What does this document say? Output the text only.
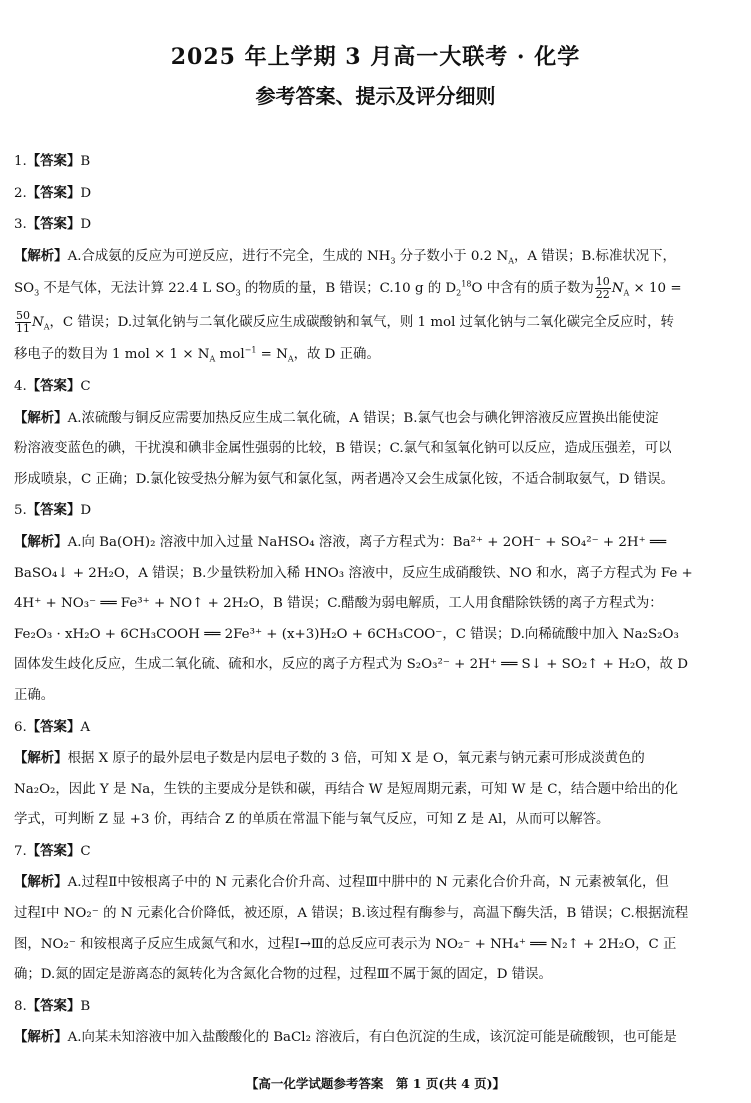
2025 年上学期 3 月高一大联考 · 化学
参考答案、提示及评分细则
1.【答案】B
2.【答案】D
3.【答案】D
【解析】A.合成氨的反应为可逆反应，进行不完全，生成的 $NH_3$ 分子数小于 0.2 $N_A$，A 错误；B.标准状况下，
$SO_3$ 不是气体，无法计算 22.4 L $SO_3$ 的物质的量，B 错误；C.10 g 的 $D_2^{18}O$ 中含有的质子数为 $\frac{10}{22} N_A \times 10$ =
$\frac{50}{11} N_A$，C 错误；D.过氧化钠与二氧化碳反应生成碳酸钠和氧气，则 1 mol 过氧化钠与二氧化碳完全反应时，转
移电子的数目为 1 mol × $1 \times N_A$ $mol^{-1} = N_A$，故 D 正确。
4.【答案】C
【解析】A.浓硫酸与铜反应需要加热反应生成二氧化硫，A 错误；B.氯气也会与碘化钾溶液反应置换出能使淀
粉溶液变蓝色的碘，干扰溴和碘非金属性强弱的比较，B 错误；C.氯气和氢氧化钠可以反应，造成压强差，可以
形成喷泉，C 正确；D.氯化铵受热分解为氨气和氯化氢，两者遇冷又会生成氯化铵，不适合制取氨气，D 错误。
5.【答案】D
【解析】A.向 Ba(OH)₂ 溶液中加入过量 NaHSO₄ 溶液，离子方程式为：Ba²⁺ + 2OH⁻ + SO₄²⁻ + 2H⁺ ══
BaSO₄↓ + 2H₂O，A 错误；B.少量铁粉加入稀 HNO₃ 溶液中，反应生成硝酸铁、NO 和水，离子方程式为 Fe +
4H⁺ + NO₃⁻ ══ Fe³⁺ + NO↑ + 2H₂O，B 错误；C.醋酸为弱电解质，工人用食醋除铁锈的离子方程式为：
Fe₂O₃ · xH₂O + 6CH₃COOH ══ 2Fe³⁺ + (x+3)H₂O + 6CH₃COO⁻，C 错误；D.向稀硫酸中加入 Na₂S₂O₃
固体发生歧化反应，生成二氧化硫、硫和水，反应的离子方程式为 S₂O₃²⁻ + 2H⁺ ══ S↓ + SO₂↑ + H₂O，故 D
正确。
6.【答案】A
【解析】根据 X 原子的最外层电子数是内层电子数的 3 倍，可知 X 是 O，氧元素与钠元素可形成淡黄色的
Na₂O₂，因此 Y 是 Na，生铁的主要成分是铁和碳，再结合 W 是短周期元素，可知 W 是 C，结合题中给出的化
学式，可判断 Z 显 +3 价，再结合 Z 的单质在常温下能与氧气反应，可知 Z 是 Al，从而可以解答。
7.【答案】C
【解析】A.过程Ⅱ中铵根离子中的 N 元素化合价升高、过程Ⅲ中肼中的 N 元素化合价升高，N 元素被氧化，但
过程Ⅰ中 NO₂⁻ 的 N 元素化合价降低，被还原，A 错误；B.该过程有酶参与，高温下酶失活，B 错误；C.根据流程
图，NO₂⁻ 和铵根离子反应生成氮气和水，过程Ⅰ→Ⅲ的总反应可表示为 NO₂⁻ + NH₄⁺ ══ N₂↑ + 2H₂O，C 正
确；D.氮的固定是游离态的氮转化为含氮化合物的过程，过程Ⅲ不属于氮的固定，D 错误。
8.【答案】B
【解析】A.向某未知溶液中加入盐酸酸化的 BaCl₂ 溶液后，有白色沉淀的生成，该沉淀可能是硫酸钡，也可能是
【高一化学试题参考答案　第 1 页(共 4 页)】
